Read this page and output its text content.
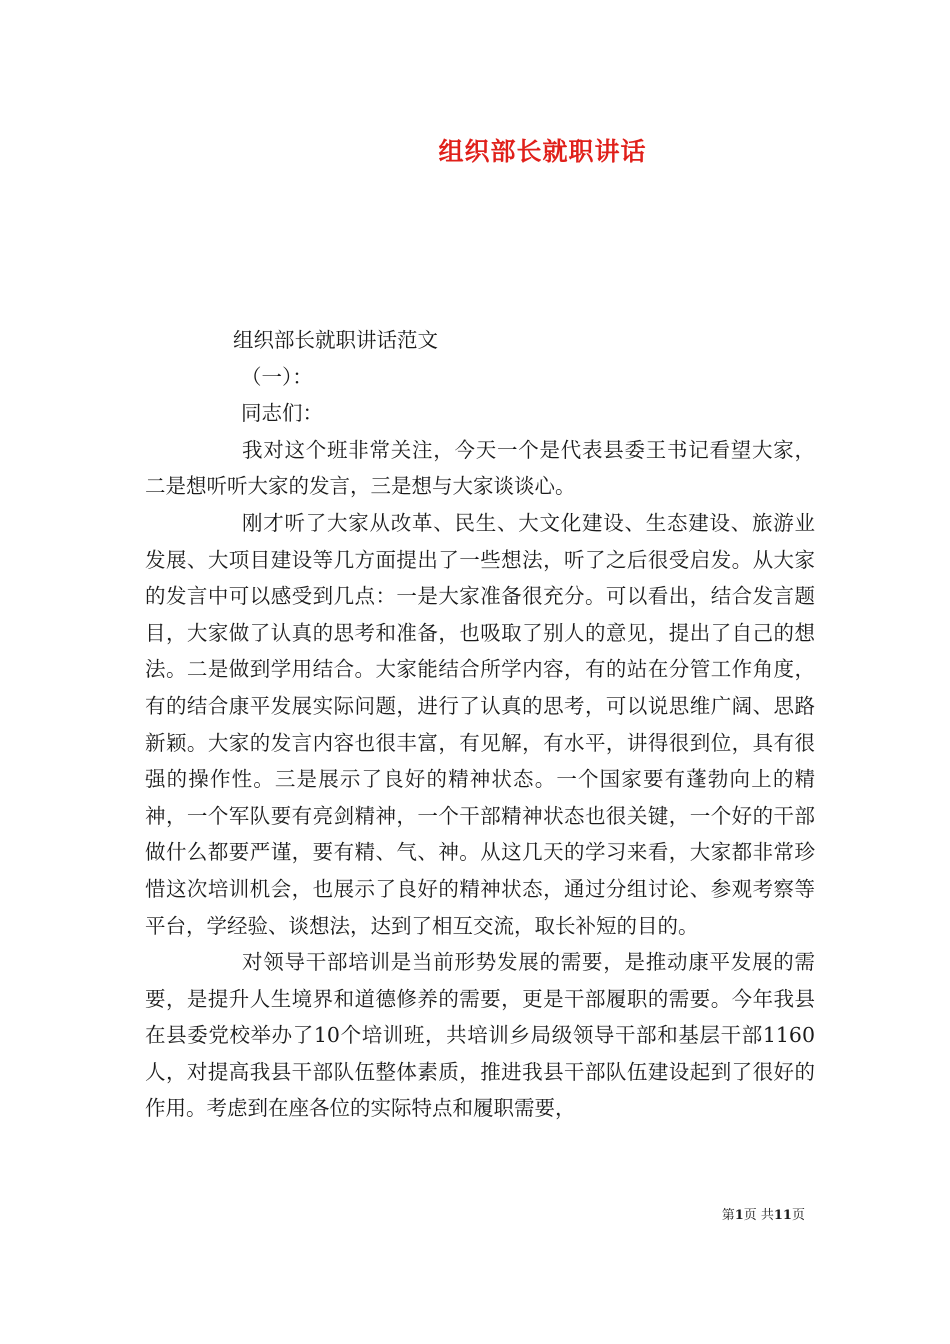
组织部长就职讲话

组织部长就职讲话范文

（一）：

同志们：

我对这个班非常关注，今天一个是代表县委王书记看望大家，二是想听听大家的发言，三是想与大家谈谈心。

刚才听了大家从改革、民生、大文化建设、生态建设、旅游业发展、大项目建设等几方面提出了一些想法，听了之后很受启发。从大家的发言中可以感受到几点：一是大家准备很充分。可以看出，结合发言题目，大家做了认真的思考和准备，也吸取了别人的意见，提出了自己的想法。二是做到学用结合。大家能结合所学内容，有的站在分管工作角度，有的结合康平发展实际问题，进行了认真的思考，可以说思维广阔、思路新颖。大家的发言内容也很丰富，有见解，有水平，讲得很到位，具有很强的操作性。三是展示了良好的精神状态。一个国家要有蓬勃向上的精神，一个军队要有亮剑精神，一个干部精神状态也很关键，一个好的干部做什么都要严谨，要有精、气、神。从这几天的学习来看，大家都非常珍惜这次培训机会，也展示了良好的精神状态，通过分组讨论、参观考察等平台，学经验、谈想法，达到了相互交流，取长补短的目的。

对领导干部培训是当前形势发展的需要，是推动康平发展的需要，是提升人生境界和道德修养的需要，更是干部履职的需要。今年我县在县委党校举办了10个培训班，共培训乡局级领导干部和基层干部1160人，对提高我县干部队伍整体素质，推进我县干部队伍建设起到了很好的作用。考虑到在座各位的实际特点和履职需要，

第1页 共11页
